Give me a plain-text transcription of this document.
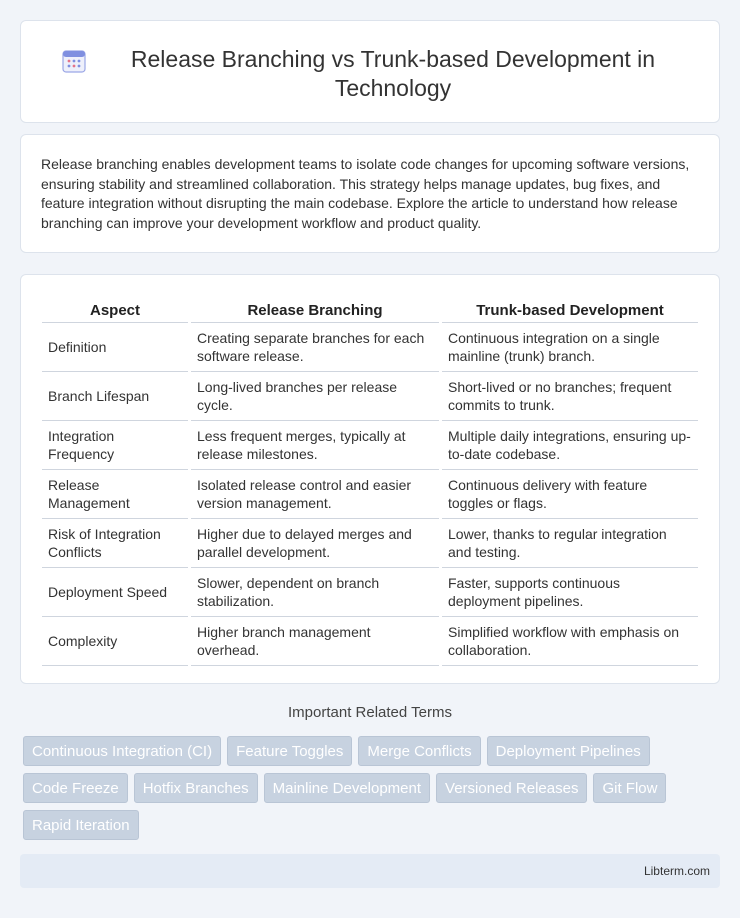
Release Branching vs Trunk-based Development in Technology

Release branching enables development teams to isolate code changes for upcoming software versions, ensuring stability and streamlined collaboration. This strategy helps manage updates, bug fixes, and feature integration without disrupting the main codebase. Explore the article to understand how release branching can improve your development workflow and product quality.

Aspect	Release Branching	Trunk-based Development
Definition	Creating separate branches for each software release.	Continuous integration on a single mainline (trunk) branch.
Branch Lifespan	Long-lived branches per release cycle.	Short-lived or no branches; frequent commits to trunk.
Integration Frequency	Less frequent merges, typically at release milestones.	Multiple daily integrations, ensuring up-to-date codebase.
Release Management	Isolated release control and easier version management.	Continuous delivery with feature toggles or flags.
Risk of Integration Conflicts	Higher due to delayed merges and parallel development.	Lower, thanks to regular integration and testing.
Deployment Speed	Slower, dependent on branch stabilization.	Faster, supports continuous deployment pipelines.
Complexity	Higher branch management overhead.	Simplified workflow with emphasis on collaboration.
Important Related Terms
Continuous Integration (CI)	Feature Toggles	Merge Conflicts	Deployment Pipelines
Code Freeze	Hotfix Branches	Mainline Development	Versioned Releases	Git Flow
Rapid Iteration
Libterm.com
